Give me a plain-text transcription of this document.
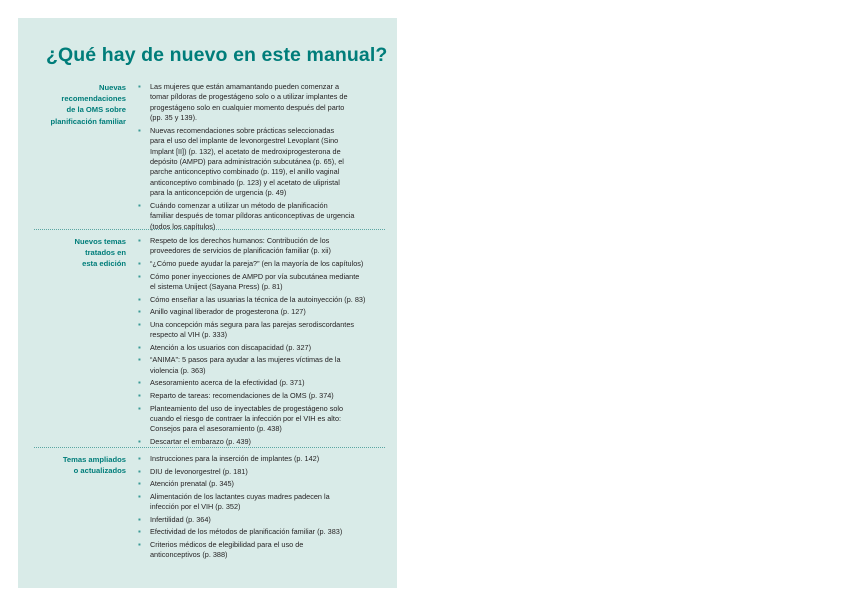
¿Qué hay de nuevo en este manual?
Nuevas
recomendaciones
de la OMS sobre
planificación familiar
▪ Las mujeres que están amamantando pueden comenzar a
tomar píldoras de progestágeno solo o a utilizar implantes de
progestágeno solo en cualquier momento después del parto
(pp. 35 y 139).
▪ Nuevas recomendaciones sobre prácticas seleccionadas
para el uso del implante de levonorgestrel Levoplant (Sino
Implant [II]) (p. 132), el acetato de medroxiprogesterona de
depósito (AMPD) para administración subcutánea (p. 65), el
parche anticonceptivo combinado (p. 119), el anillo vaginal
anticonceptivo combinado (p. 123) y el acetato de ulipristal
para la anticoncepción de urgencia (p. 49)
▪ Cuándo comenzar a utilizar un método de planificación
familiar después de tomar píldoras anticonceptivas de urgencia
(todos los capítulos)
Nuevos temas
tratados en
esta edición
▪ Respeto de los derechos humanos: Contribución de los
proveedores de servicios de planificación familiar (p. xii)
▪ “¿Cómo puede ayudar la pareja?” (en la mayoría de los capítulos)
▪ Cómo poner inyecciones de AMPD por vía subcutánea mediante
el sistema Uniject (Sayana Press) (p. 81)
▪ Cómo enseñar a las usuarias la técnica de la autoinyección (p. 83)
▪ Anillo vaginal liberador de progesterona (p. 127)
▪ Una concepción más segura para las parejas serodiscordantes
respecto al VIH (p. 333)
▪ Atención a los usuarios con discapacidad (p. 327)
▪ “ANIMA”: 5 pasos para ayudar a las mujeres víctimas de la
violencia (p. 363)
▪ Asesoramiento acerca de la efectividad (p. 371)
▪ Reparto de tareas: recomendaciones de la OMS (p. 374)
▪ Planteamiento del uso de inyectables de progestágeno solo
cuando el riesgo de contraer la infección por el VIH es alto:
Consejos para el asesoramiento (p. 438)
▪ Descartar el embarazo (p. 439)
Temas ampliados
o actualizados
▪ Instrucciones para la inserción de implantes (p. 142)
▪ DIU de levonorgestrel (p. 181)
▪ Atención prenatal (p. 345)
▪ Alimentación de los lactantes cuyas madres padecen la
infección por el VIH (p. 352)
▪ Infertilidad (p. 364)
▪ Efectividad de los métodos de planificación familiar (p. 383)
▪ Criterios médicos de elegibilidad para el uso de
anticonceptivos (p. 388)
